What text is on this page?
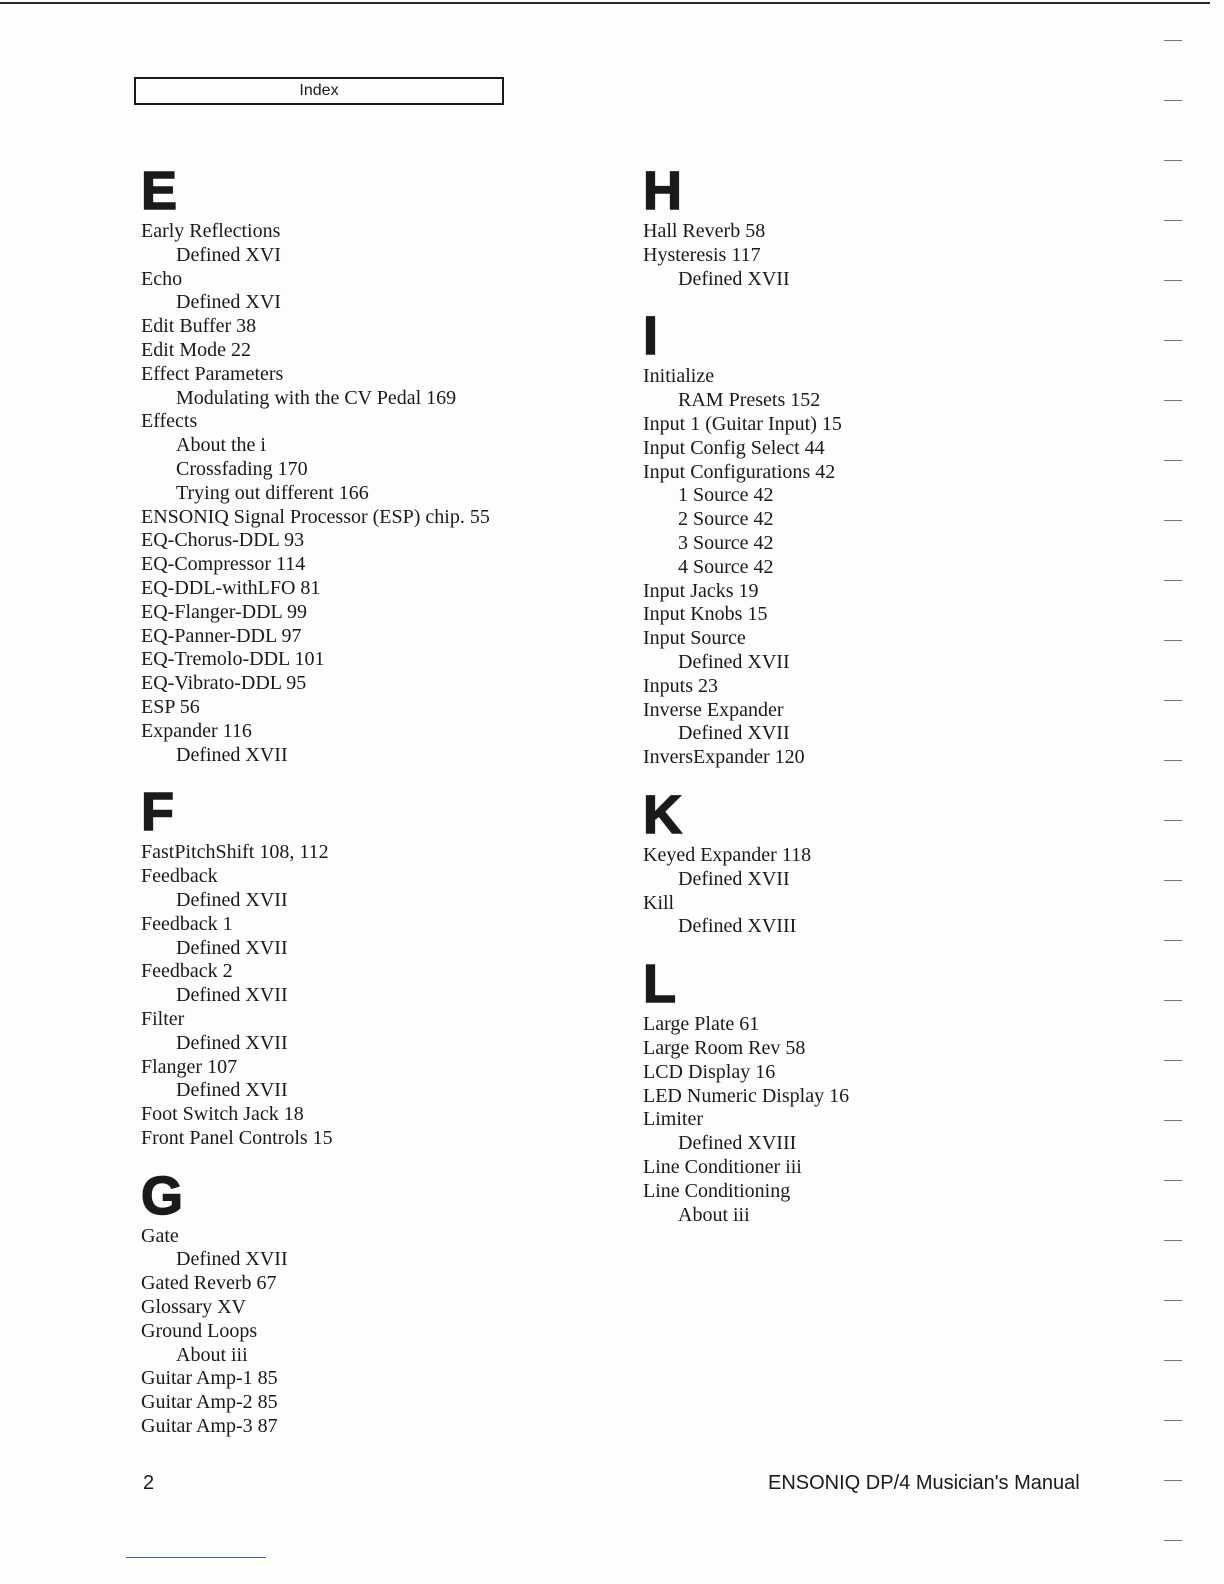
Index
E
Early Reflections
Defined XVI
Echo
Defined XVI
Edit Buffer 38
Edit Mode 22
Effect Parameters
Modulating with the CV Pedal 169
Effects
About the i
Crossfading 170
Trying out different 166
ENSONIQ Signal Processor (ESP) chip. 55
EQ-Chorus-DDL 93
EQ-Compressor 114
EQ-DDL-withLFO 81
EQ-Flanger-DDL 99
EQ-Panner-DDL 97
EQ-Tremolo-DDL 101
EQ-Vibrato-DDL 95
ESP 56
Expander 116
Defined XVII
F
FastPitchShift 108, 112
Feedback
Defined XVII
Feedback 1
Defined XVII
Feedback 2
Defined XVII
Filter
Defined XVII
Flanger 107
Defined XVII
Foot Switch Jack 18
Front Panel Controls 15
G
Gate
Defined XVII
Gated Reverb 67
Glossary XV
Ground Loops
About iii
Guitar Amp-1 85
Guitar Amp-2 85
Guitar Amp-3 87
H
Hall Reverb 58
Hysteresis 117
Defined XVII
I
Initialize
RAM Presets 152
Input 1 (Guitar Input) 15
Input Config Select 44
Input Configurations 42
1 Source 42
2 Source 42
3 Source 42
4 Source 42
Input Jacks 19
Input Knobs 15
Input Source
Defined XVII
Inputs 23
Inverse Expander
Defined XVII
InversExpander 120
K
Keyed Expander 118
Defined XVII
Kill
Defined XVIII
L
Large Plate 61
Large Room Rev 58
LCD Display 16
LED Numeric Display 16
Limiter
Defined XVIII
Line Conditioner iii
Line Conditioning
About iii
2	ENSONIQ DP/4 Musician's Manual
